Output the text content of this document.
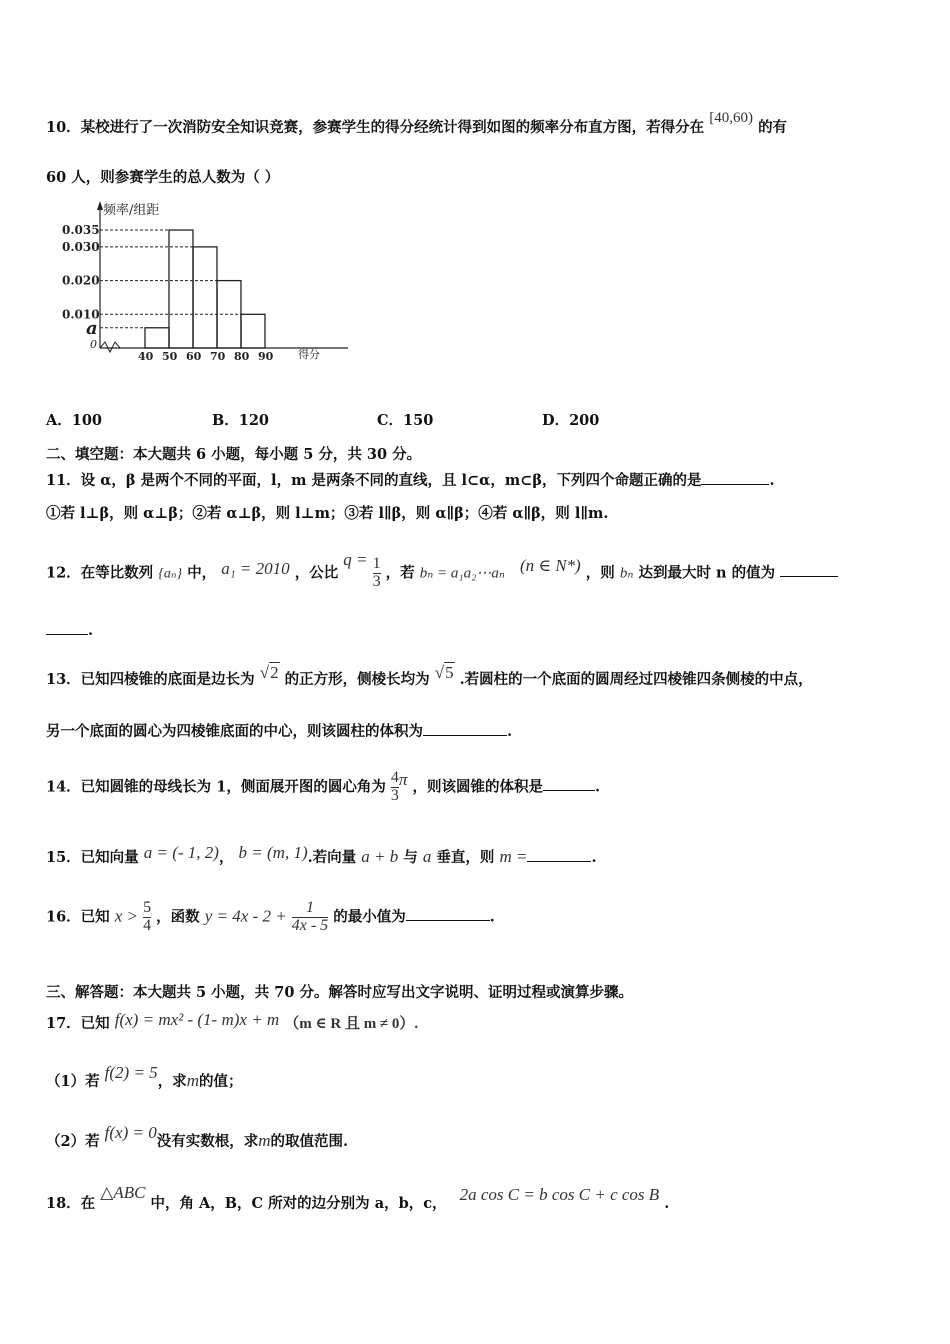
10．某校进行了一次消防安全知识竞赛，参赛学生的得分经统计得到如图的频率分布直方图，若得分在 [40,60) 的有
60 人，则参赛学生的总人数为（ ）
0.035
0.030
0.020
0.010
a
40 50 60 70 80 90
频率/组距
得分
0
A．100	B．120	C．150	D．200
二、填空题：本大题共 6 小题，每小题 5 分，共 30 分。
11．设 α，β 是两个不同的平面，l，m 是两条不同的直线，且 l⊂α，m⊂β，下列四个命题正确的是	.
①若 l⊥β，则 α⊥β；②若 α⊥β，则 l⊥m；③若 l∥β，则 α∥β；④若 α∥β，则 l∥m.
12．在等比数列 {aₙ} 中， a₁ = 2010 ，公比 $q = \frac{1}{3}$ ，若 bₙ = a₁a₂⋯aₙ (n ∈ N*) ，则 bₙ 达到最大时 n 的值为
.
13．已知四棱锥的底面是边长为 √2 的正方形，侧棱长均为 √5 .若圆柱的一个底面的圆周经过四棱锥四条侧棱的中点，
另一个底面的圆心为四棱锥底面的中心，则该圆柱的体积为	.
14．已知圆锥的母线长为 1，侧面展开图的圆心角为 $\frac{4}{3}$ π ，则该圆锥的体积是	.
15．已知向量 a = (- 1, 2)， b = (m, 1).若向量 a + b 与 a 垂直，则 m =	.
16．已知 $x > \frac{5}{4}$ ，函数 $y = 4x - 2 + \frac{1}{4x - 5}$ 的最小值为	.
三、解答题：本大题共 5 小题，共 70 分。解答时应写出文字说明、证明过程或演算步骤。
17．已知 f(x) = mx² - (1- m)x + m （m ∈ R 且 m ≠ 0）.
（1）若 f(2) = 5，求m的值；
（2）若 f(x) = 0没有实数根，求m的取值范围.
18．在 △ABC 中，角 A，B，C 所对的边分别为 a，b，c， 2a cos C = b cos C + c cos B .
